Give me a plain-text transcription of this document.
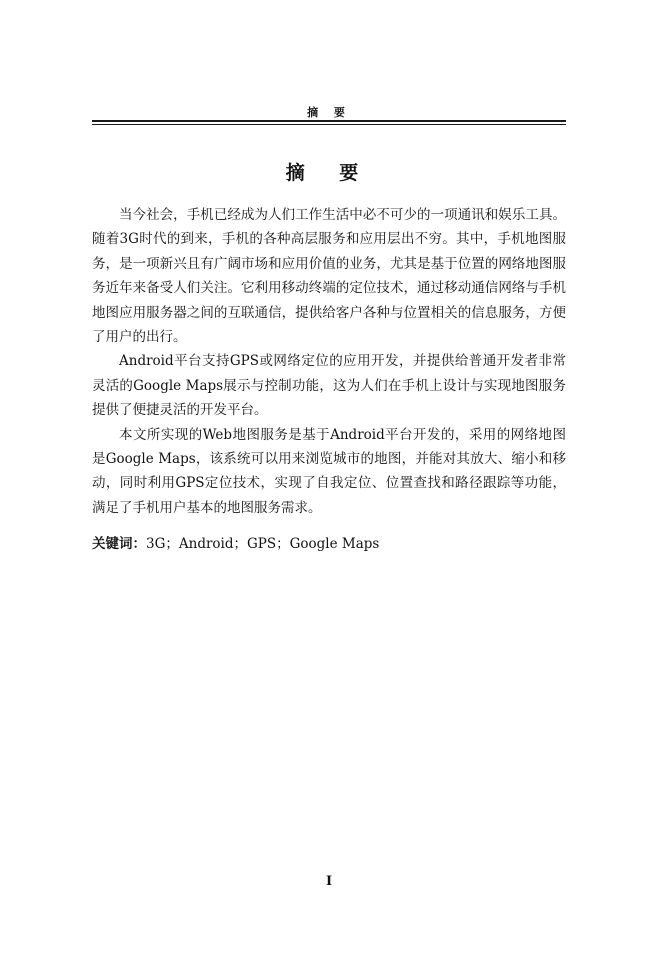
摘 要
摘 要

当今社会，手机已经成为人们工作生活中必不可少的一项通讯和娱乐工具。随着3G时代的到来，手机的各种高层服务和应用层出不穷。其中，手机地图服务，是一项新兴且有广阔市场和应用价值的业务，尤其是基于位置的网络地图服务近年来备受人们关注。它利用移动终端的定位技术，通过移动通信网络与手机地图应用服务器之间的互联通信，提供给客户各种与位置相关的信息服务，方便了用户的出行。

Android平台支持GPS或网络定位的应用开发，并提供给普通开发者非常灵活的Google Maps展示与控制功能，这为人们在手机上设计与实现地图服务提供了便捷灵活的开发平台。

本文所实现的Web地图服务是基于Android平台开发的，采用的网络地图是Google Maps，该系统可以用来浏览城市的地图，并能对其放大、缩小和移动，同时利用GPS定位技术，实现了自我定位、位置查找和路径跟踪等功能，满足了手机用户基本的地图服务需求。

关键词：3G；Android；GPS；Google Maps
I
